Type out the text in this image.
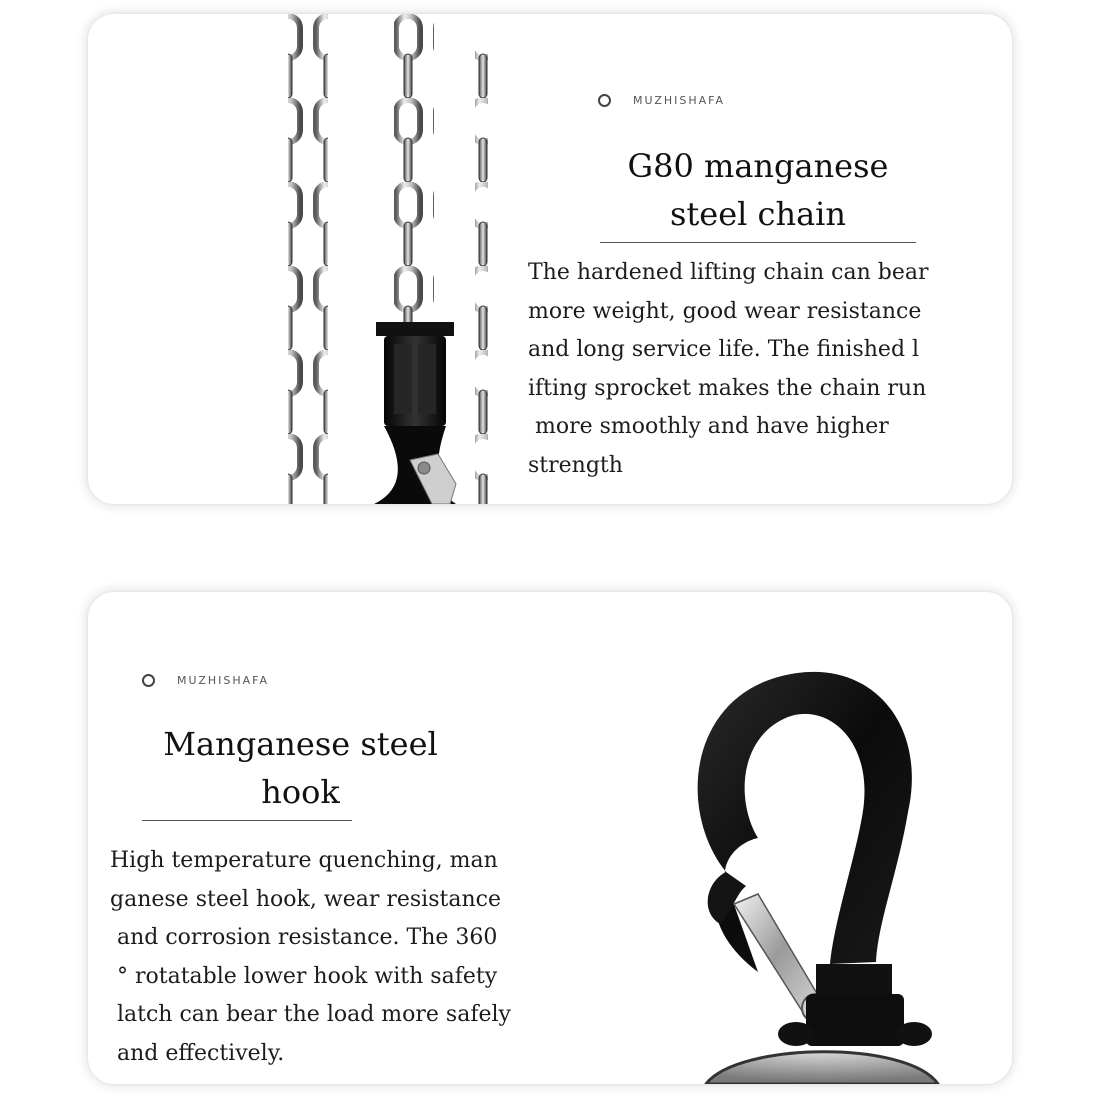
MUZHISHAFA
G80 manganese
steel chain
The hardened lifting chain can bear
more weight, good wear resistance
and long service life. The finished l
ifting sprocket makes the chain run
more smoothly and have higher
strength
MUZHISHAFA
Manganese steel
hook
High temperature quenching, man
ganese steel hook, wear resistance
and corrosion resistance. The 360
° rotatable lower hook with safety
latch can bear the load more safely
and effectively.
